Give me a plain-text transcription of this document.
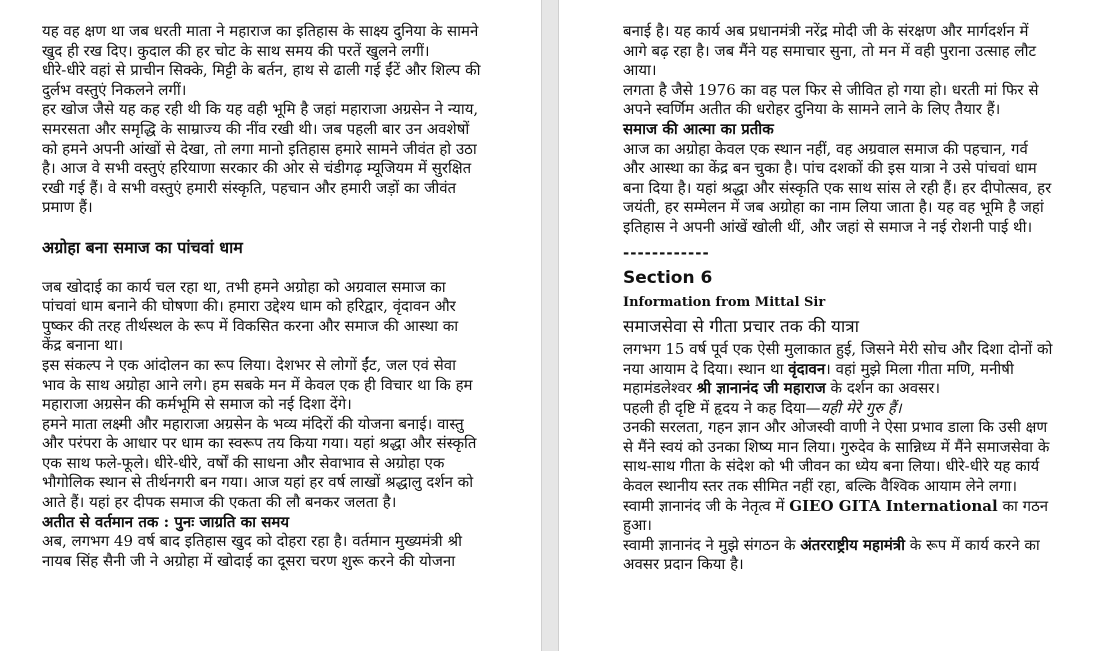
यह वह क्षण था जब धरती माता ने महाराज का इतिहास के साक्ष्य दुनिया के सामने खुद ही रख दिए। कुदाल की हर चोट के साथ समय की परतें खुलने लगीं।

धीरे-धीरे वहां से प्राचीन सिक्के, मिट्टी के बर्तन, हाथ से ढाली गई ईंटें और शिल्प की दुर्लभ वस्तुएं निकलने लगीं।

हर खोज जैसे यह कह रही थी कि यह वही भूमि है जहां महाराजा अग्रसेन ने न्याय, समरसता और समृद्धि के साम्राज्य की नींव रखी थी। जब पहली बार उन अवशेषों को हमने अपनी आंखों से देखा, तो लगा मानो इतिहास हमारे सामने जीवंत हो उठा है। आज वे सभी वस्तुएं हरियाणा सरकार की ओर से चंडीगढ़ म्यूजियम में सुरक्षित रखी गई हैं। वे सभी वस्तुएं हमारी संस्कृति, पहचान और हमारी जड़ों का जीवंत प्रमाण हैं।

अग्रोहा बना समाज का पांचवां धाम

जब खोदाई का कार्य चल रहा था, तभी हमने अग्रोहा को अग्रवाल समाज का पांचवां धाम बनाने की घोषणा की। हमारा उद्देश्य धाम को हरिद्वार, वृंदावन और पुष्कर की तरह तीर्थस्थल के रूप में विकसित करना और समाज की आस्था का केंद्र बनाना था।

इस संकल्प ने एक आंदोलन का रूप लिया। देशभर से लोगों ईंट, जल एवं सेवा भाव के साथ अग्रोहा आने लगे। हम सबके मन में केवल एक ही विचार था कि हम महाराजा अग्रसेन की कर्मभूमि से समाज को नई दिशा देंगे।

हमने माता लक्ष्मी और महाराजा अग्रसेन के भव्य मंदिरों की योजना बनाई। वास्तु और परंपरा के आधार पर धाम का स्वरूप तय किया गया। यहां श्रद्धा और संस्कृति एक साथ फले-फूले। धीरे-धीरे, वर्षों की साधना और सेवाभाव से अग्रोहा एक भौगोलिक स्थान से तीर्थनगरी बन गया। आज यहां हर वर्ष लाखों श्रद्धालु दर्शन को आते हैं। यहां हर दीपक समाज की एकता की लौ बनकर जलता है।

अतीत से वर्तमान तक : पुनः जाग्रति का समय

अब, लगभग 49 वर्ष बाद इतिहास खुद को दोहरा रहा है। वर्तमान मुख्यमंत्री श्री नायब सिंह सैनी जी ने अग्रोहा में खोदाई का दूसरा चरण शुरू करने की योजना

बनाई है। यह कार्य अब प्रधानमंत्री नरेंद्र मोदी जी के संरक्षण और मार्गदर्शन में आगे बढ़ रहा है। जब मैंने यह समाचार सुना, तो मन में वही पुराना उत्साह लौट आया।

लगता है जैसे 1976 का वह पल फिर से जीवित हो गया हो। धरती मां फिर से अपने स्वर्णिम अतीत की धरोहर दुनिया के सामने लाने के लिए तैयार हैं।

समाज की आत्मा का प्रतीक

आज का अग्रोहा केवल एक स्थान नहीं, वह अग्रवाल समाज की पहचान, गर्व और आस्था का केंद्र बन चुका है। पांच दशकों की इस यात्रा ने उसे पांचवां धाम बना दिया है। यहां श्रद्धा और संस्कृति एक साथ सांस ले रही हैं। हर दीपोत्सव, हर जयंती, हर सम्मेलन में जब अग्रोहा का नाम लिया जाता है। यह वह भूमि है जहां इतिहास ने अपनी आंखें खोली थीं, और जहां से समाज ने नई रोशनी पाई थी।

------------

Section 6

Information from Mittal Sir

समाजसेवा से गीता प्रचार तक की यात्रा

लगभग 15 वर्ष पूर्व एक ऐसी मुलाकात हुई, जिसने मेरी सोच और दिशा दोनों को नया आयाम दे दिया। स्थान था वृंदावन। वहां मुझे मिला गीता मणि, मनीषी महामंडलेश्वर श्री ज्ञानानंद जी महाराज के दर्शन का अवसर।

पहली ही दृष्टि में हृदय ने कह दिया—यही मेरे गुरु हैं।

उनकी सरलता, गहन ज्ञान और ओजस्वी वाणी ने ऐसा प्रभाव डाला कि उसी क्षण से मैंने स्वयं को उनका शिष्य मान लिया। गुरुदेव के सान्निध्य में मैंने समाजसेवा के साथ-साथ गीता के संदेश को भी जीवन का ध्येय बना लिया। धीरे-धीरे यह कार्य केवल स्थानीय स्तर तक सीमित नहीं रहा, बल्कि वैश्विक आयाम लेने लगा।

स्वामी ज्ञानानंद जी के नेतृत्व में GIEO GITA International का गठन हुआ।

स्वामी ज्ञानानंद ने मुझे संगठन के अंतरराष्ट्रीय महामंत्री के रूप में कार्य करने का अवसर प्रदान किया है।
